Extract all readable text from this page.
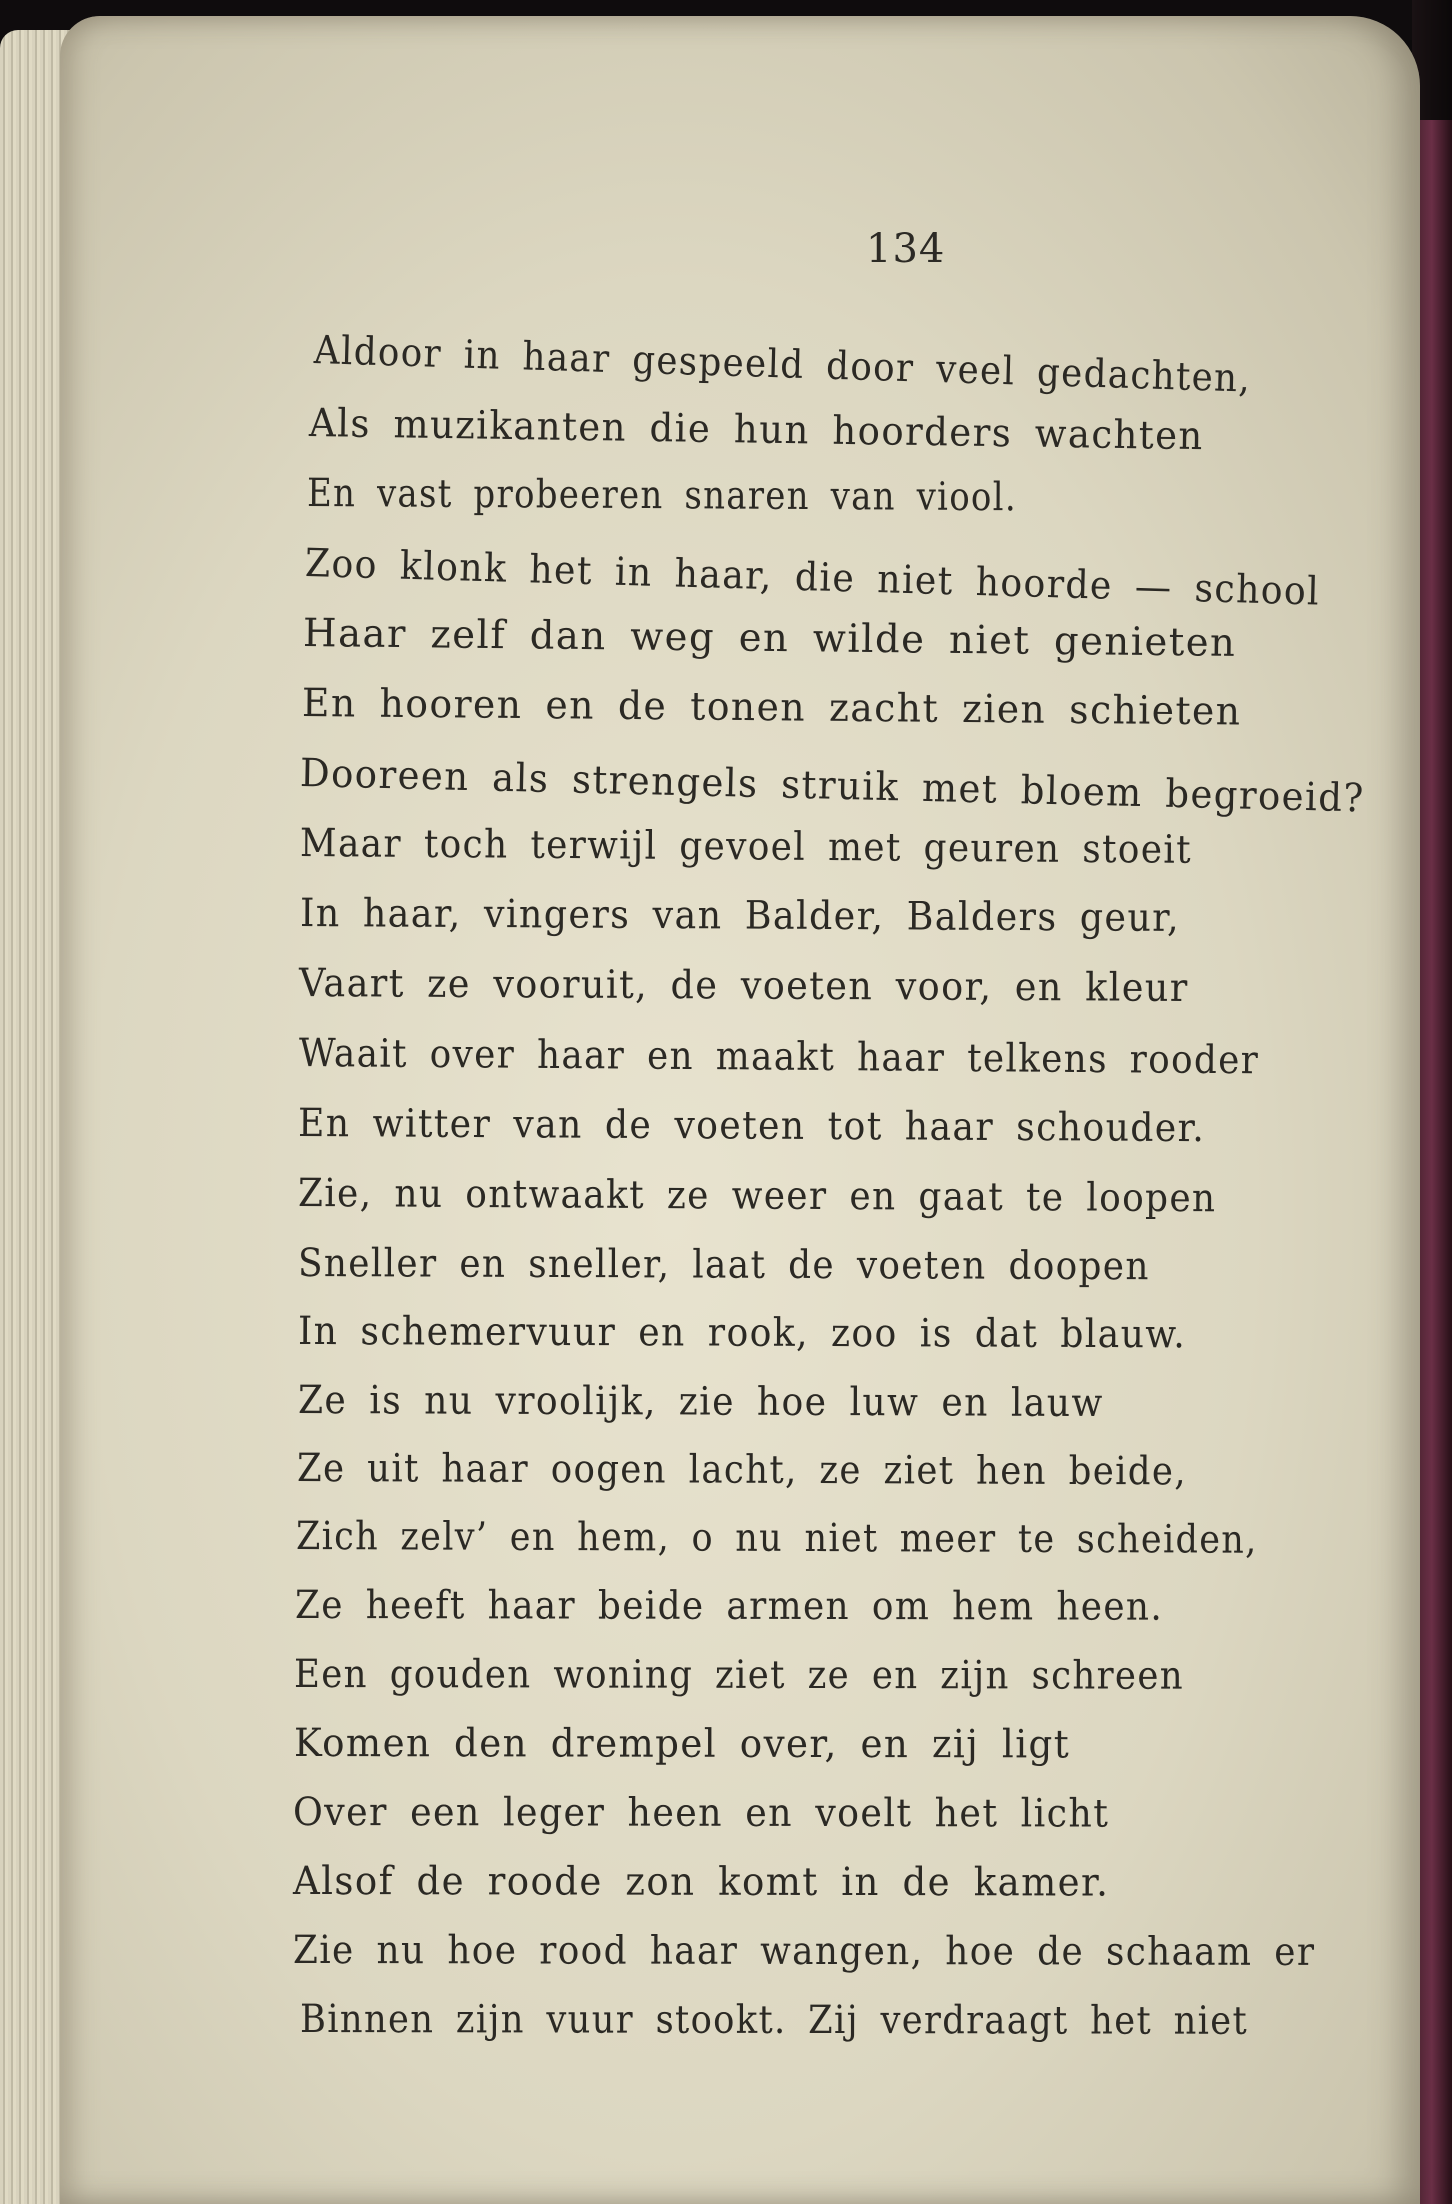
134
Aldoor in haar gespeeld door veel gedachten,
Als muzikanten die hun hoorders wachten
En vast probeeren snaren van viool.
Zoo klonk het in haar, die niet hoorde — school
Haar zelf dan weg en wilde niet genieten
En hooren en de tonen zacht zien schieten
Dooreen als strengels struik met bloem begroeid?
Maar toch terwijl gevoel met geuren stoeit
In haar, vingers van Balder, Balders geur,
Vaart ze vooruit, de voeten voor, en kleur
Waait over haar en maakt haar telkens rooder
En witter van de voeten tot haar schouder.
Zie, nu ontwaakt ze weer en gaat te loopen
Sneller en sneller, laat de voeten doopen
In schemervuur en rook, zoo is dat blauw.
Ze is nu vroolijk, zie hoe luw en lauw
Ze uit haar oogen lacht, ze ziet hen beide,
Zich zelv’ en hem, o nu niet meer te scheiden,
Ze heeft haar beide armen om hem heen.
Een gouden woning ziet ze en zijn schreen
Komen den drempel over, en zij ligt
Over een leger heen en voelt het licht
Alsof de roode zon komt in de kamer.
Zie nu hoe rood haar wangen, hoe de schaam er
Binnen zijn vuur stookt. Zij verdraagt het niet
